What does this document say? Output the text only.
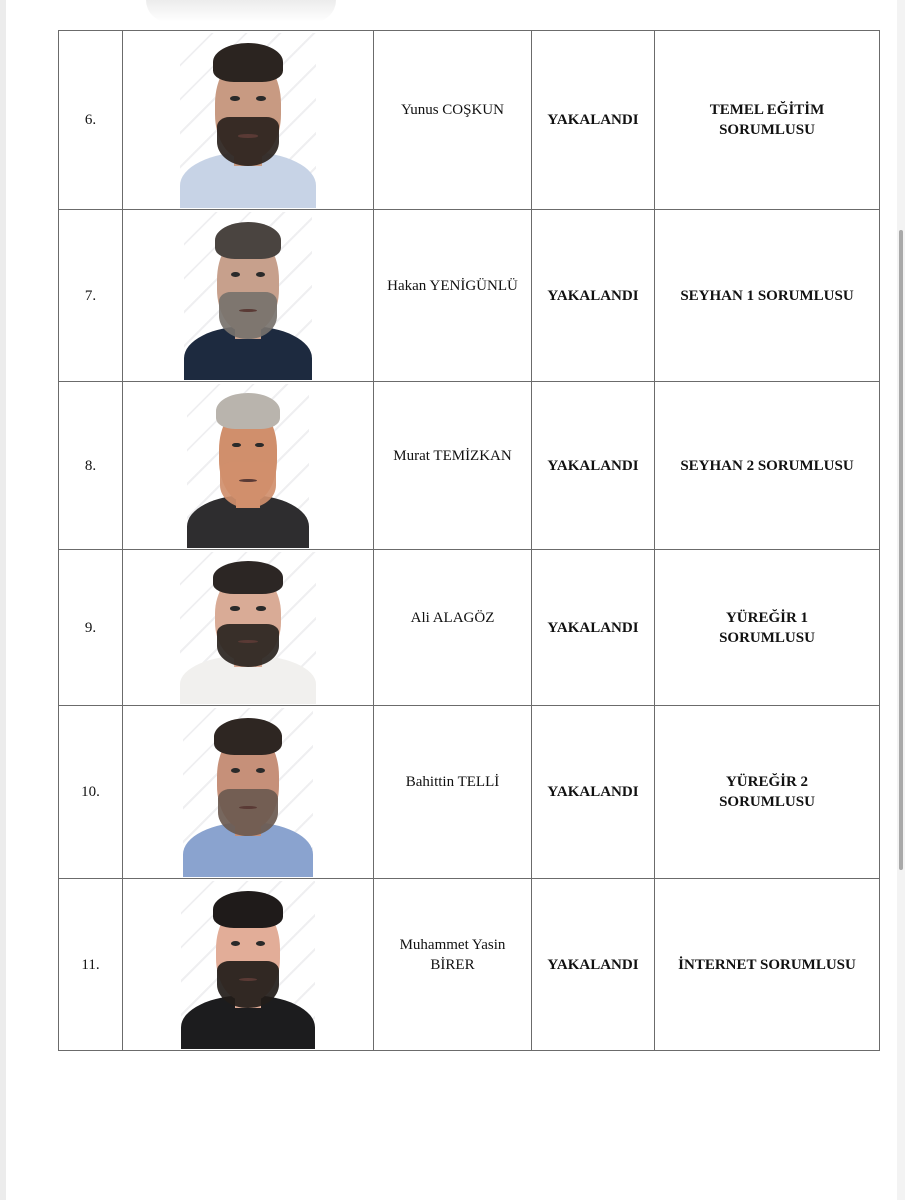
6.		Yunus COŞKUN	YAKALANDI	TEMEL EĞİTİM SORUMLUSU
7.		Hakan YENİGÜNLÜ	YAKALANDI	SEYHAN 1 SORUMLUSU
8.		Murat TEMİZKAN	YAKALANDI	SEYHAN 2 SORUMLUSU
9.		Ali ALAGÖZ	YAKALANDI	YÜREĞİR 1 SORUMLUSU
10.		Bahittin TELLİ	YAKALANDI	YÜREĞİR 2 SORUMLUSU
11.		Muhammet Yasin BİRER	YAKALANDI	İNTERNET SORUMLUSU
